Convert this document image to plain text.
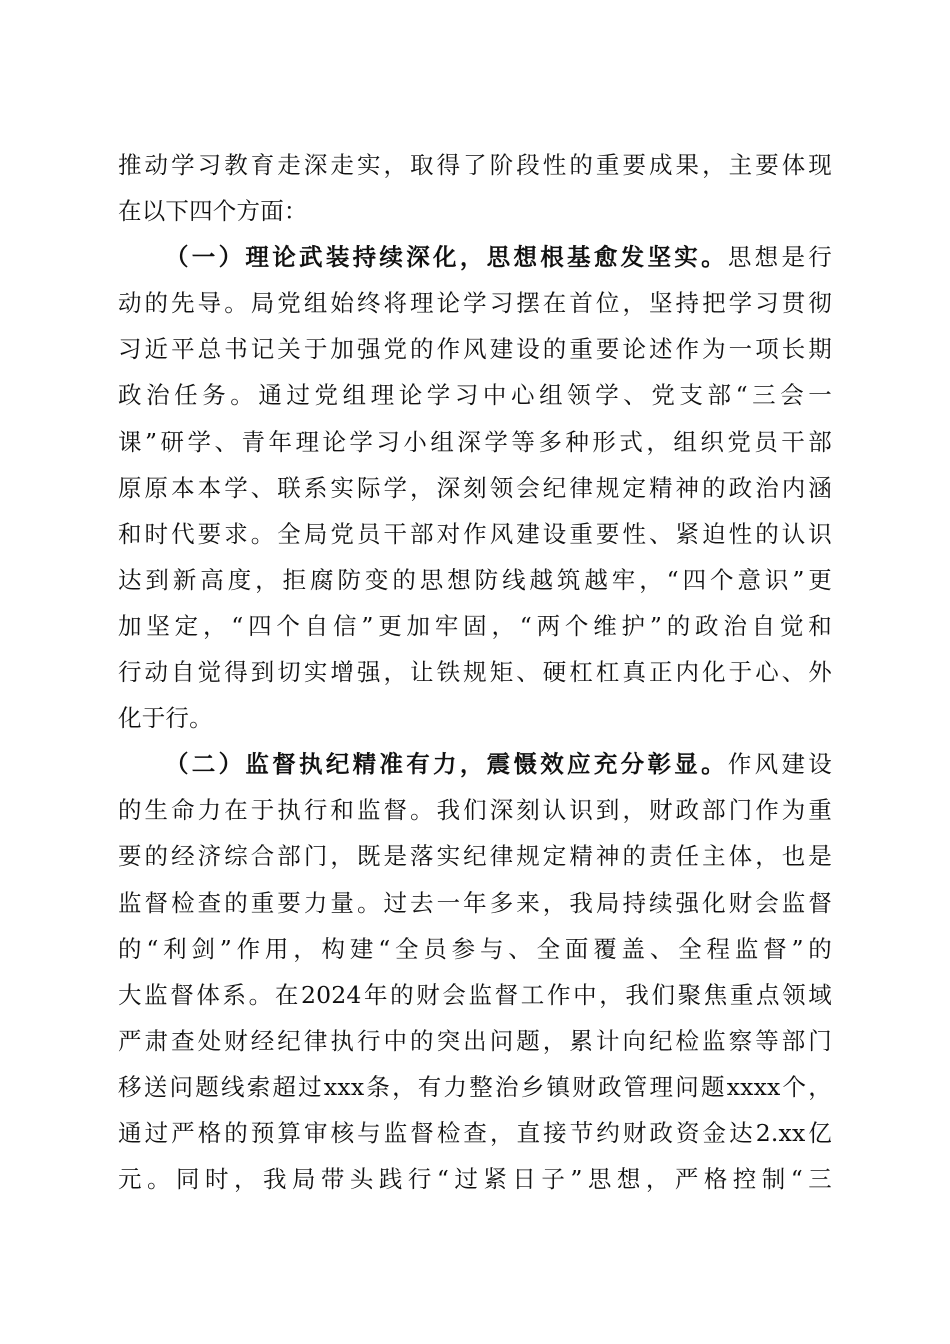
推动学习教育走深走实，取得了阶段性的重要成果，主要体现
在以下四个方面：
（一）理论武装持续深化，思想根基愈发坚实。思想是行
动的先导。局党组始终将理论学习摆在首位，坚持把学习贯彻
习近平总书记关于加强党的作风建设的重要论述作为一项长期
政治任务。通过党组理论学习中心组领学、党支部“三会一
课”研学、青年理论学习小组深学等多种形式，组织党员干部
原原本本学、联系实际学，深刻领会纪律规定精神的政治内涵
和时代要求。全局党员干部对作风建设重要性、紧迫性的认识
达到新高度，拒腐防变的思想防线越筑越牢，“四个意识”更
加坚定，“四个自信”更加牢固，“两个维护”的政治自觉和
行动自觉得到切实增强，让铁规矩、硬杠杠真正内化于心、外
化于行。
（二）监督执纪精准有力，震慑效应充分彰显。作风建设
的生命力在于执行和监督。我们深刻认识到，财政部门作为重
要的经济综合部门，既是落实纪律规定精神的责任主体，也是
监督检查的重要力量。过去一年多来，我局持续强化财会监督
的“利剑”作用，构建“全员参与、全面覆盖、全程监督”的
大监督体系。在2024年的财会监督工作中，我们聚焦重点领域
严肃查处财经纪律执行中的突出问题，累计向纪检监察等部门
移送问题线索超过xxx条，有力整治乡镇财政管理问题xxxx个，
通过严格的预算审核与监督检查，直接节约财政资金达2.xx亿
元。同时，我局带头践行“过紧日子”思想，严格控制“三
